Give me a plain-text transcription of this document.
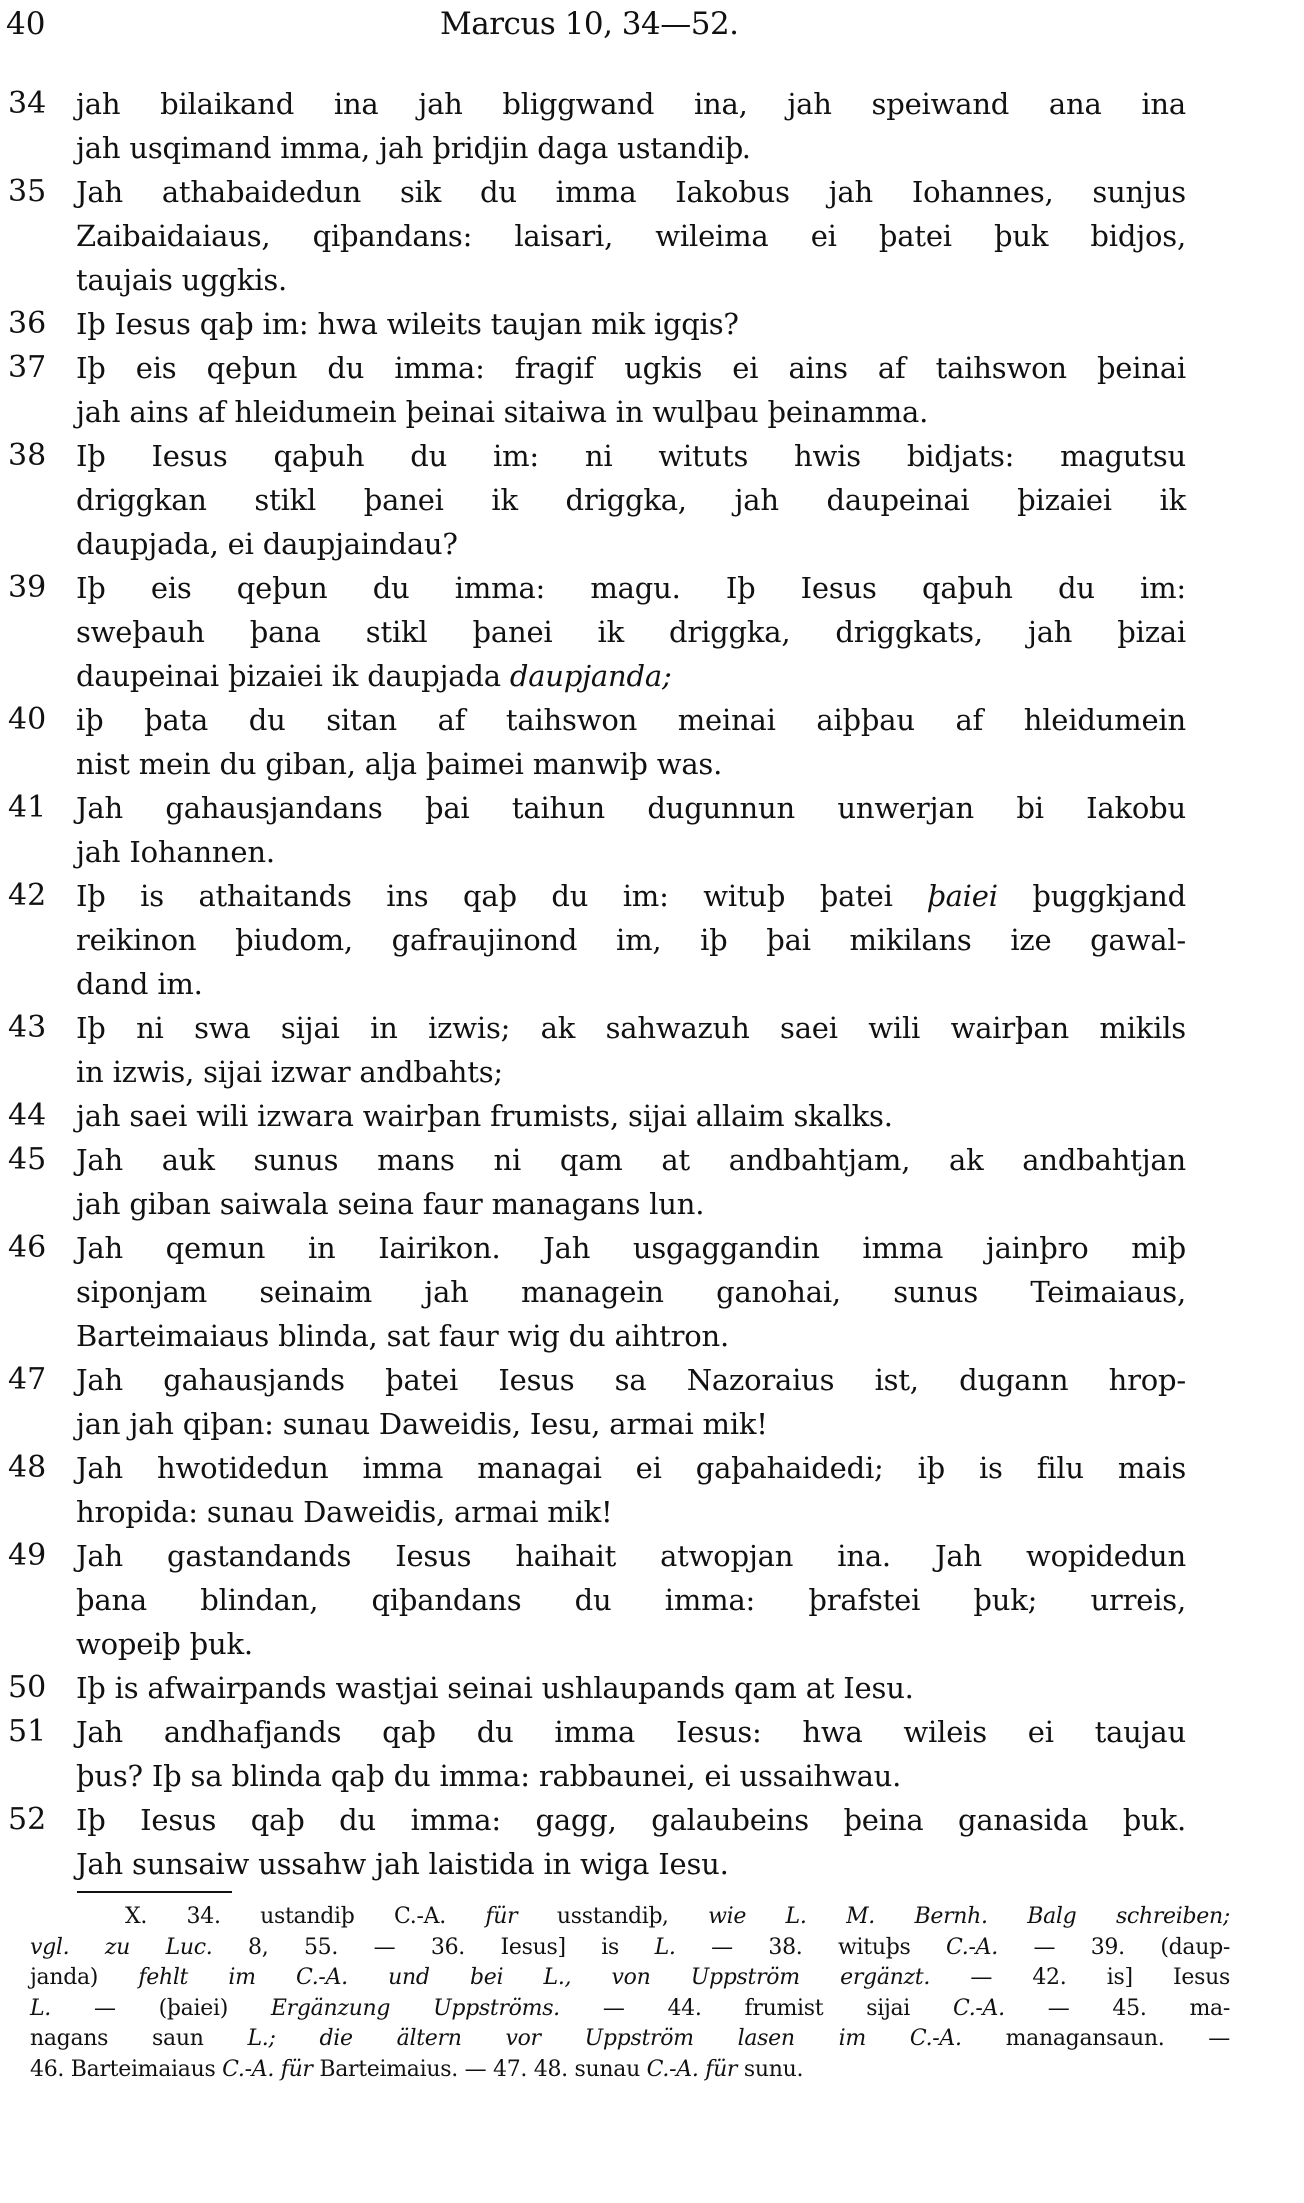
40	Marcus 10, 34—52.
34 jah bilaikand ina jah bliggwand ina, jah speiwand ana ina
jah usqimand imma, jah þridjin daga ustandiþ.
35 Jah athabaidedun sik du imma Iakobus jah Iohannes, sunjus
Zaibaidaiaus, qiþandans: laisari, wileima ei þatei þuk bidjos,
taujais uggkis.
36 Iþ Iesus qaþ im: hwa wileits taujan mik igqis?
37 Iþ eis qeþun du imma: fragif ugkis ei ains af taihswon þeinai
jah ains af hleidumein þeinai sitaiwa in wulþau þeinamma.
38 Iþ Iesus qaþuh du im: ni wituts hwis bidjats: magutsu
driggkan stikl þanei ik driggka, jah daupeinai þizaiei ik
daupjada, ei daupjaindau?
39 Iþ eis qeþun du imma: magu. Iþ Iesus qaþuh du im:
sweþauh þana stikl þanei ik driggka, driggkats, jah þizai
daupeinai þizaiei ik daupjada daupjanda;
40 iþ þata du sitan af taihswon meinai aiþþau af hleidumein
nist mein du giban, alja þaimei manwiþ was.
41 Jah gahausjandans þai taihun dugunnun unwerjan bi Iakobu
jah Iohannen.
42 Iþ is athaitands ins qaþ du im: wituþ þatei þaiei þuggkjand
reikinon þiudom, gafraujinond im, iþ þai mikilans ize gawal-
dand im.
43 Iþ ni swa sijai in izwis; ak sahwazuh saei wili wairþan mikils
in izwis, sijai izwar andbahts;
44 jah saei wili izwara wairþan frumists, sijai allaim skalks.
45 Jah auk sunus mans ni qam at andbahtjam, ak andbahtjan
jah giban saiwala seina faur managans lun.
46 Jah qemun in Iairikon. Jah usgaggandin imma jainþro miþ
siponjam seinaim jah managein ganohai, sunus Teimaiaus,
Barteimaiaus blinda, sat faur wig du aihtron.
47 Jah gahausjands þatei Iesus sa Nazoraius ist, dugann hrop-
jan jah qiþan: sunau Daweidis, Iesu, armai mik!
48 Jah hwotidedun imma managai ei gaþahaidedi; iþ is filu mais
hropida: sunau Daweidis, armai mik!
49 Jah gastandands Iesus haihait atwopjan ina. Jah wopidedun
þana blindan, qiþandans du imma: þrafstei þuk; urreis,
wopeiþ þuk.
50 Iþ is afwairpands wastjai seinai ushlaupands qam at Iesu.
51 Jah andhafjands qaþ du imma Iesus: hwa wileis ei taujau
þus? Iþ sa blinda qaþ du imma: rabbaunei, ei ussaihwau.
52 Iþ Iesus qaþ du imma: gagg, galaubeins þeina ganasida þuk.
Jah sunsaiw ussahw jah laistida in wiga Iesu.
X. 34. ustandiþ C.-A. für usstandiþ, wie L. M. Bernh. Balg schreiben;
vgl. zu Luc. 8, 55. — 36. Iesus] is L. — 38. wituþs C.-A. — 39. (daup-
janda) fehlt im C.-A. und bei L., von Uppström ergänzt. — 42. is] Iesus
L. — (þaiei) Ergänzung Uppströms. — 44. frumist sijai C.-A. — 45. ma-
nagans saun L.; die ältern vor Uppström lasen im C.-A. managansaun. —
46. Barteimaiaus C.-A. für Barteimaius. — 47. 48. sunau C.-A. für sunu.
